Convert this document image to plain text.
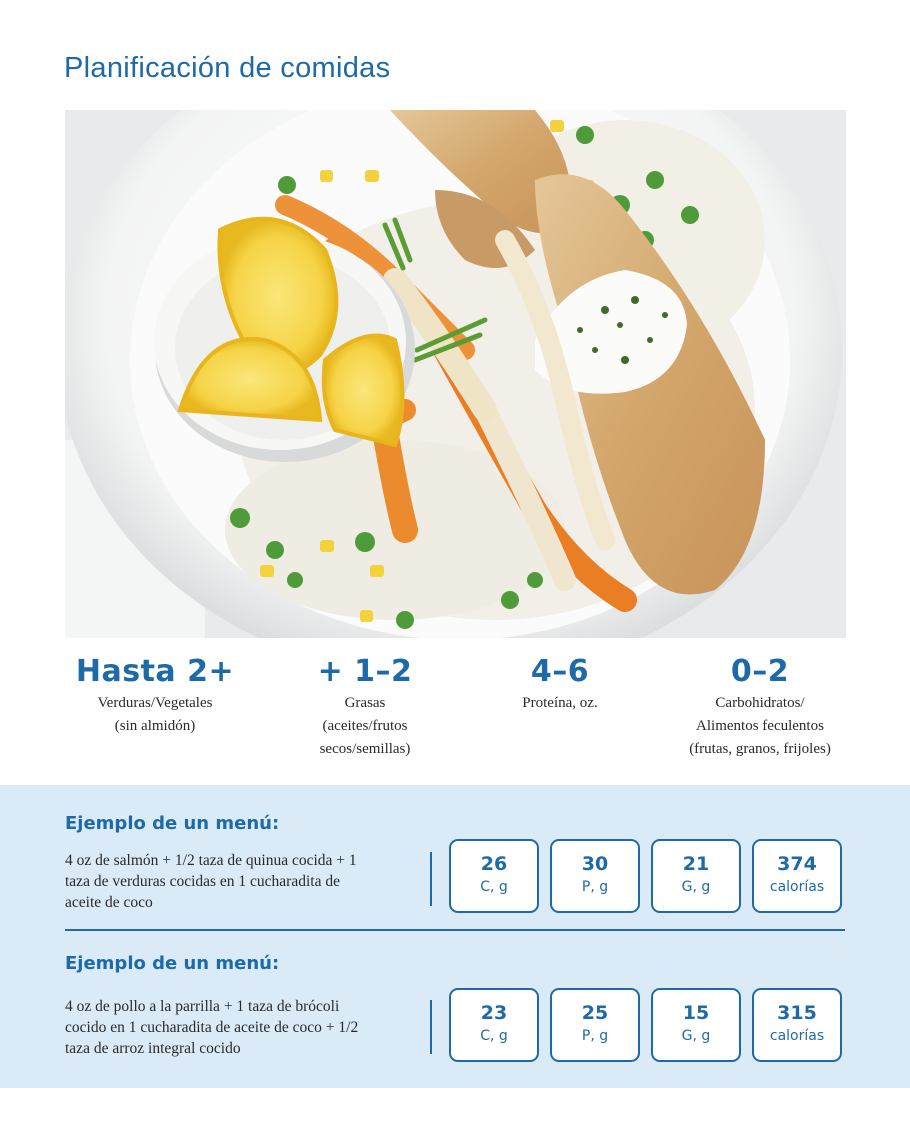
Planificación de comidas
Hasta 2+
Verduras/Vegetales
(sin almidón)
+ 1–2
Grasas
(aceites/frutos
secos/semillas)
4–6
Proteína, oz.
0–2
Carbohidratos/
Alimentos feculentos
(frutas, granos, frijoles)
Ejemplo de un menú:
4 oz de salmón + 1/2 taza de quinua cocida + 1
taza de verduras cocidas en 1 cucharadita de
aceite de coco
26
C, g
30
P, g
21
G, g
374
calorías
Ejemplo de un menú:
4 oz de pollo a la parrilla + 1 taza de brócoli
cocido en 1 cucharadita de aceite de coco + 1/2
taza de arroz integral cocido
23
C, g
25
P, g
15
G, g
315
calorías
